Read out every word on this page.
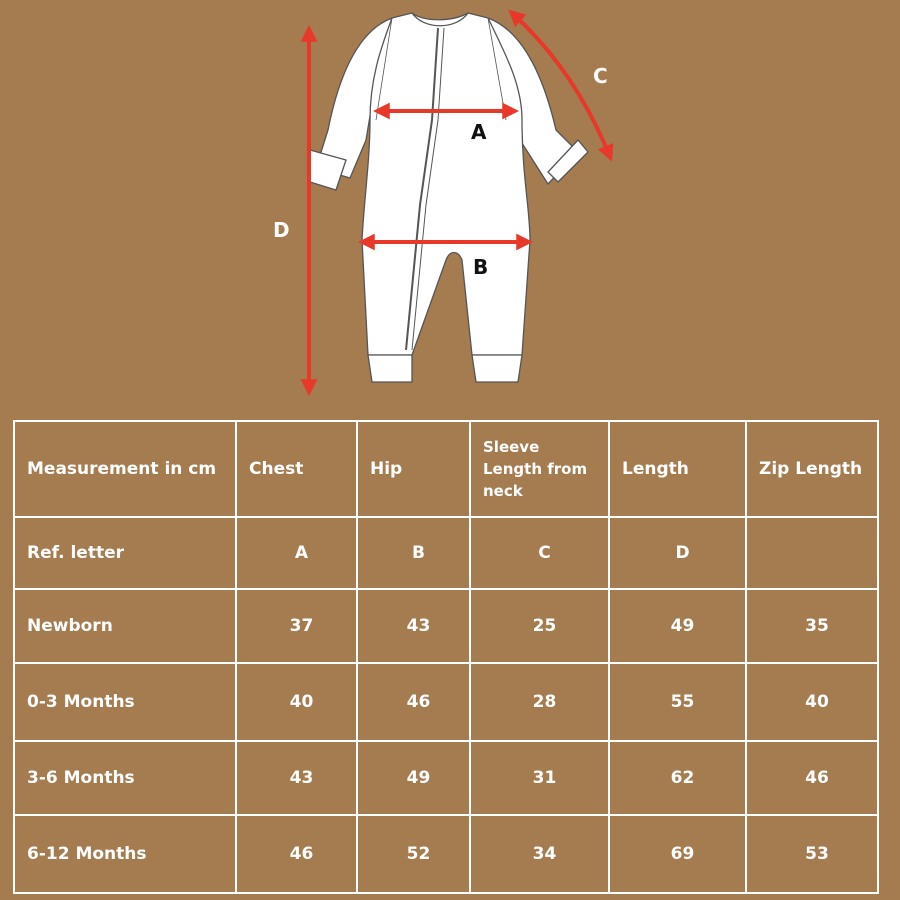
A
B
C
D
Measurement in cm	Chest	Hip	Sleeve Length from neck	Length	Zip Length
Ref. letter	A	B	C	D	
Newborn	37	43	25	49	35
0-3 Months	40	46	28	55	40
3-6 Months	43	49	31	62	46
6-12 Months	46	52	34	69	53
